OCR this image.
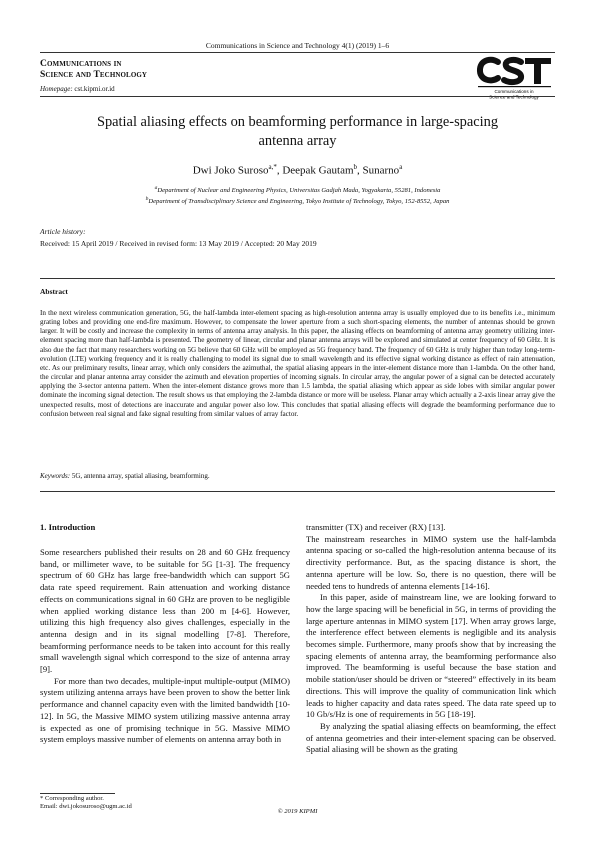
Communications in Science and Technology 4(1) (2019) 1–6
Communications in
Science and Technology
Homepage: cst.kipmi.or.id	Communications in
Science and Technology
Spatial aliasing effects on beamforming performance in large-spacing antenna array
Dwi Joko Suroso$^{a,*}$, Deepak Gautam$^b$, Sunarno$^a$
$^a$Department of Nuclear and Engineering Physics, Universitas Gadjah Mada, Yogyakarta, 55281, Indonesia
$^b$Department of Transdisciplinary Science and Engineering, Tokyo Institute of Technology, Tokyo, 152-8552, Japan
Article history:
Received: 15 April 2019 / Received in revised form: 13 May 2019 / Accepted: 20 May 2019
Abstract
In the next wireless communication generation, 5G, the half-lambda inter-element spacing as high-resolution antenna array is usually employed due to its benefits i.e., minimum grating lobes and providing one end-fire maximum. However, to compensate the lower aperture from a such short-spacing elements, the number of antennas should be grown larger. It will be costly and increase the complexity in terms of antenna array analysis. In this paper, the aliasing effects on beamforming of antenna array geometry utilizing inter-element spacing more than half-lambda is presented. The geometry of linear, circular and planar antenna arrays will be explored and simulated at center frequency of 60 GHz. It is also due the fact that many researchers working on 5G believe that 60 GHz will be employed as 5G frequency band. The frequency of 60 GHz is truly higher than today long-term-evolution (LTE) working frequency and it is really challenging to model its signal due to small wavelength and its effective signal working distance as effect of rain attenuation, etc. As our preliminary results, linear array, which only considers the azimuthal, the spatial aliasing appears in the inter-element distance more than 1-lambda. On the other hand, the circular and planar antenna array consider the azimuth and elevation properties of incoming signals. In circular array, the angular power of a signal can be detected accurately applying the 3-sector antenna pattern. When the inter-element distance grows more than 1.5 lambda, the spatial aliasing which appear as side lobes with similar angular power dominate the incoming signal detection. The result shows us that employing the 2-lambda distance or more will be useless. Planar array which actually a 2-axis linear array give the unexpected results, most of detections are inaccurate and angular power also low. This concludes that spatial aliasing effects will degrade the beamforming performance due to confusion between real signal and fake signal resulting from similar values of array factor.
Keywords: 5G, antenna array, spatial aliasing, beamforming.
1. Introduction

Some researchers published their results on 28 and 60 GHz frequency band, or millimeter wave, to be suitable for 5G [1-3]. The frequency spectrum of 60 GHz has large free-bandwidth which can support 5G data rate speed requirement. Rain attenuation and working distance effects on communications signal in 60 GHz are proven to be negligible when applied working distance less than 200 m [4-6]. However, utilizing this high frequency also gives challenges, especially in the antenna design and in its signal modelling [7-8]. Therefore, beamforming performance needs to be taken into account for this really small wavelength signal which correspond to the size of antenna array [9].

For more than two decades, multiple-input multiple-output (MIMO) system utilizing antenna arrays have been proven to show the better link performance and channel capacity even with the limited bandwidth [10-12]. In 5G, the Massive MIMO system utilizing massive antenna array is expected as one of promising technique in 5G. Massive MIMO system employs massive number of elements on antenna array both in

transmitter (TX) and receiver (RX) [13].

The mainstream researches in MIMO system use the half-lambda antenna spacing or so-called the high-resolution antenna because of its directivity performance. But, as the spacing distance is short, the antenna aperture will be low. So, there is no question, there will be needed tens to hundreds of antenna elements [14-16].

In this paper, aside of mainstream line, we are looking forward to how the large spacing will be beneficial in 5G, in terms of providing the large aperture antennas in MIMO system [17]. When array grows large, the interference effect between elements is negligible and its analysis becomes simple. Furthermore, many proofs show that by increasing the spacing elements of antenna array, the beamforming performance also improved. The beamforming is useful because the base station and mobile station/user should be driven or “steered” effectively in its beam directions. This will improve the quality of communication link which leads to higher capacity and data rates speed. The data rate speed up to 10 Gb/s/Hz is one of requirements in 5G [18-19].

By analyzing the spatial aliasing effects on beamforming, the effect of antenna geometries and their inter-element spacing can be observed. Spatial aliasing will be shown as the grating

* Corresponding author.
Email: dwi.jokosuroso@ugm.ac.id
© 2019 KIPMI
